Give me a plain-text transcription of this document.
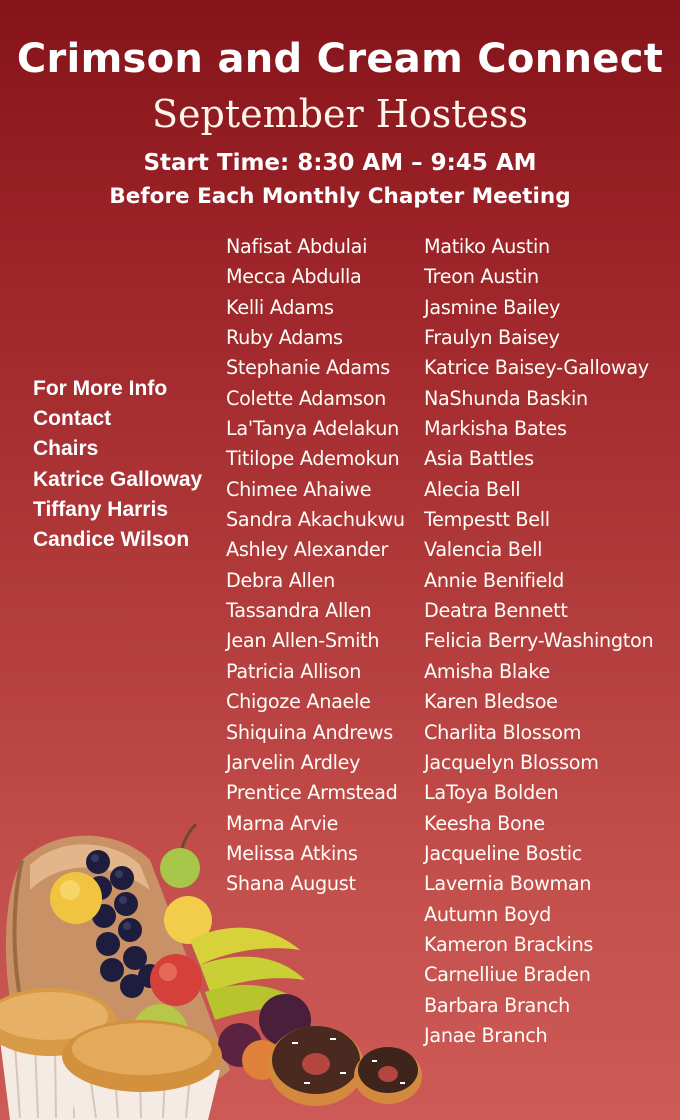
Crimson and Cream Connect
September Hostess
Start Time: 8:30 AM – 9:45 AM
Before Each Monthly Chapter Meeting
For More Info
Contact
Chairs
Katrice Galloway
Tiffany Harris
Candice Wilson
Nafisat Abdulai
Mecca Abdulla
Kelli Adams
Ruby Adams
Stephanie Adams
Colette Adamson
La'Tanya Adelakun
Titilope Ademokun
Chimee Ahaiwe
Sandra Akachukwu
Ashley Alexander
Debra Allen
Tassandra Allen
Jean Allen-Smith
Patricia Allison
Chigoze Anaele
Shiquina Andrews
Jarvelin Ardley
Prentice Armstead
Marna Arvie
Melissa Atkins
Shana August
Matiko Austin
Treon Austin
Jasmine Bailey
Fraulyn Baisey
Katrice Baisey-Galloway
NaShunda Baskin
Markisha Bates
Asia Battles
Alecia Bell
Tempestt Bell
Valencia Bell
Annie Benifield
Deatra Bennett
Felicia Berry-Washington
Amisha Blake
Karen Bledsoe
Charlita Blossom
Jacquelyn Blossom
LaToya Bolden
Keesha Bone
Jacqueline Bostic
Lavernia Bowman
Autumn Boyd
Kameron Brackins
Carnelliue Braden
Barbara Branch
Janae Branch
